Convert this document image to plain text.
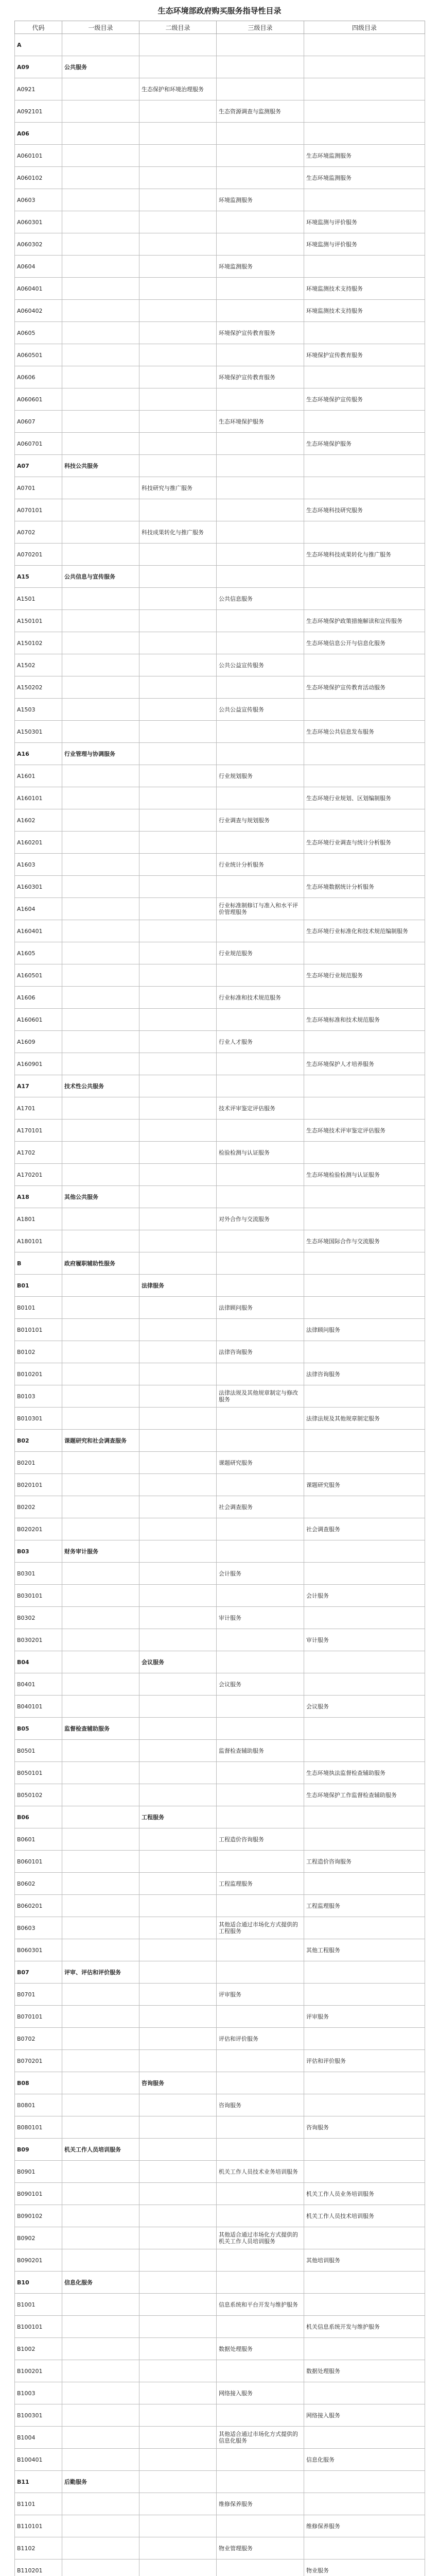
生态环境部政府购买服务指导性目录
代码	一级目录	二级目录	三级目录	四级目录
A				
A09	公共服务			
A0921		生态保护和环境治理服务		
A092101			生态资源调查与监测服务	
A06				
A060101				生态环境监测服务
A060102				生态环境监测服务
A0603			环境监测服务	
A060301				环境监测与评价服务
A060302				环境监测与评价服务
A0604			环境监测服务	
A060401				环境监测技术支持服务
A060402				环境监测技术支持服务
A0605			环境保护宣传教育服务	
A060501				环境保护宣传教育服务
A0606			环境保护宣传教育服务	
A060601				生态环境保护宣传服务
A0607			生态环境保护服务	
A060701				生态环境保护服务
A07	科技公共服务			
A0701		科技研究与推广服务		
A070101				生态环境科技研究服务
A0702		科技成果转化与推广服务		
A070201				生态环境科技成果转化与推广服务
A15	公共信息与宣传服务			
A1501			公共信息服务	
A150101				生态环境保护政策措施解读和宣传服务
A150102				生态环境信息公开与信息化服务
A1502			公共公益宣传服务	
A150202				生态环境保护宣传教育活动服务
A1503			公共公益宣传服务	
A150301				生态环境公共信息发布服务
A16	行业管理与协调服务			
A1601			行业规划服务	
A160101				生态环境行业规划、区划编制服务
A1602			行业调查与规划服务	
A160201				生态环境行业调查与统计分析服务
A1603			行业统计分析服务	
A160301				生态环境数据统计分析服务
A1604			行业标准制修订与准入和水平评价管理服务	
A160401				生态环境行业标准化和技术规范编制服务
A1605			行业规范服务	
A160501				生态环境行业规范服务
A1606			行业标准和技术规范服务	
A160601				生态环境标准和技术规范服务
A1609			行业人才服务	
A160901				生态环境保护人才培养服务
A17	技术性公共服务			
A1701			技术评审鉴定评估服务	
A170101				生态环境技术评审鉴定评估服务
A1702			检验检测与认证服务	
A170201				生态环境检验检测与认证服务
A18	其他公共服务			
A1801			对外合作与交流服务	
A180101				生态环境国际合作与交流服务
B	政府履职辅助性服务			
B01		法律服务		
B0101			法律顾问服务	
B010101				法律顾问服务
B0102			法律咨询服务	
B010201				法律咨询服务
B0103			法律法规及其他规章制定与修改服务	
B010301				法律法规及其他规章制定服务
B02	课题研究和社会调查服务			
B0201			课题研究服务	
B020101				课题研究服务
B0202			社会调查服务	
B020201				社会调查服务
B03	财务审计服务			
B0301			会计服务	
B030101				会计服务
B0302			审计服务	
B030201				审计服务
B04		会议服务		
B0401			会议服务	
B040101				会议服务
B05	监督检查辅助服务			
B0501			监督检查辅助服务	
B050101				生态环境执法监督检查辅助服务
B050102				生态环境保护工作监督检查辅助服务
B06		工程服务		
B0601			工程造价咨询服务	
B060101				工程造价咨询服务
B0602			工程监理服务	
B060201				工程监理服务
B0603			其他适合通过市场化方式提供的工程服务	
B060301				其他工程服务
B07	评审、评估和评价服务			
B0701			评审服务	
B070101				评审服务
B0702			评估和评价服务	
B070201				评估和评价服务
B08		咨询服务		
B0801			咨询服务	
B080101				咨询服务
B09	机关工作人员培训服务			
B0901			机关工作人员技术业务培训服务	
B090101				机关工作人员业务培训服务
B090102				机关工作人员技术培训服务
B0902			其他适合通过市场化方式提供的机关工作人员培训服务	
B090201				其他培训服务
B10	信息化服务			
B1001			信息系统和平台开发与维护服务	
B100101				机关信息系统开发与维护服务
B1002			数据处理服务	
B100201				数据处理服务
B1003			网络接入服务	
B100301				网络接入服务
B1004			其他适合通过市场化方式提供的信息化服务	
B100401				信息化服务
B11	后勤服务			
B1101			维修保养服务	
B110101				维修保养服务
B1102			物业管理服务	
B110201				物业服务
